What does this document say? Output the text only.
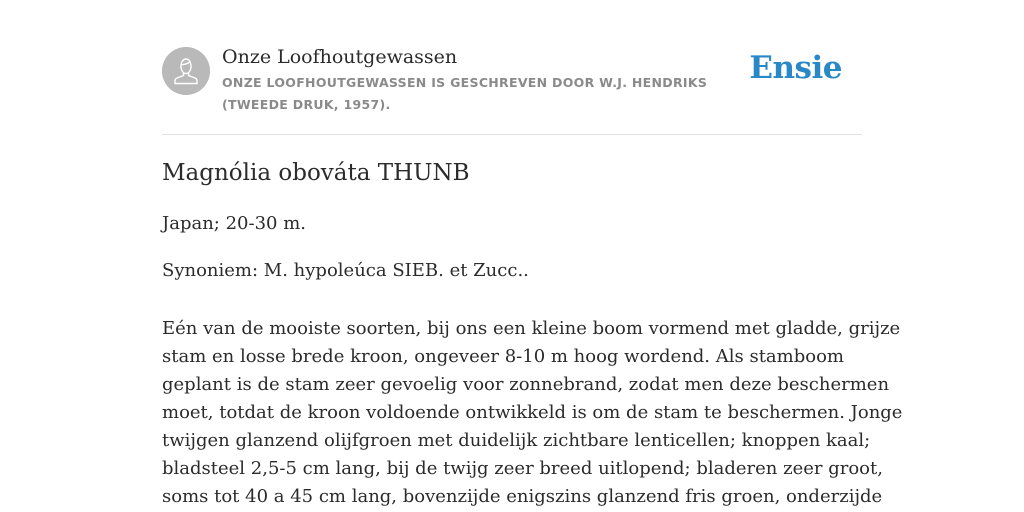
Onze Loofhoutgewassen
ONZE LOOFHOUTGEWASSEN IS GESCHREVEN DOOR W.J. HENDRIKS (TWEEDE DRUK, 1957).
Ensie
Magnólia obováta THUNB
Japan; 20-30 m.
Synoniem: M. hypoleúca SIEB. et Zucc..
Eén van de mooiste soorten, bij ons een kleine boom vormend met gladde, grijze
stam en losse brede kroon, ongeveer 8-10 m hoog wordend. Als stamboom
geplant is de stam zeer gevoelig voor zonnebrand, zodat men deze beschermen
moet, totdat de kroon voldoende ontwikkeld is om de stam te beschermen. Jonge
twijgen glanzend olijfgroen met duidelijk zichtbare lenticellen; knoppen kaal;
bladsteel 2,5-5 cm lang, bij de twijg zeer breed uitlopend; bladeren zeer groot,
soms tot 40 a 45 cm lang, bovenzijde enigszins glanzend fris groen, onderzijde
